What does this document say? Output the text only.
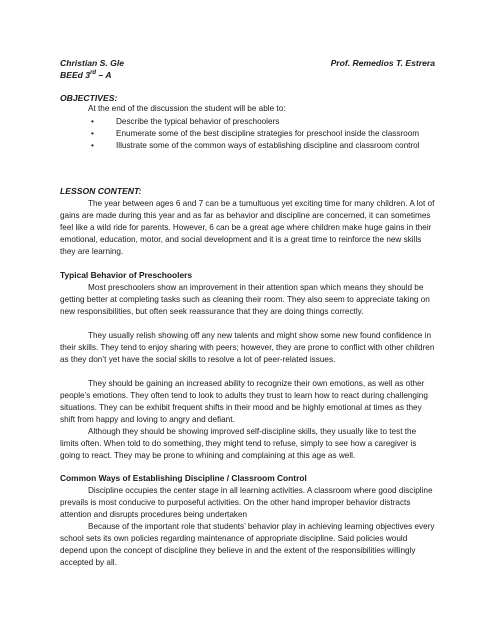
Christian S. Gle	Prof. Remedios T. Estrera
BEEd 3rd – A
OBJECTIVES:
At the end of the discussion the student will be able to:
•	Describe the typical behavior of preschoolers
•	Enumerate some of the best discipline strategies for preschool inside the classroom
•	Illustrate some of the common ways of establishing discipline and classroom control
LESSON CONTENT:

The year between ages 6 and 7 can be a tumultuous yet exciting time for many children. A lot of gains are made during this year and as far as behavior and discipline are concerned, it can sometimes feel like a wild ride for parents. However, 6 can be a great age where children make huge gains in their emotional, education, motor, and social development and it is a great time to reinforce the new skills they are learning.

Typical Behavior of Preschoolers

Most preschoolers show an improvement in their attention span which means they should be getting better at completing tasks such as cleaning their room. They also seem to appreciate taking on new responsibilities, but often seek reassurance that they are doing things correctly.

They usually relish showing off any new talents and might show some new found confidence in their skills. They tend to enjoy sharing with peers; however, they are prone to conflict with other children as they don’t yet have the social skills to resolve a lot of peer-related issues.

They should be gaining an increased ability to recognize their own emotions, as well as other people’s emotions. They often tend to look to adults they trust to learn how to react during challenging situations. They can be exhibit frequent shifts in their mood and be highly emotional at times as they shift from happy and loving to angry and defiant.

Although they should be showing improved self-discipline skills, they usually like to test the limits often. When told to do something, they might tend to refuse, simply to see how a caregiver is going to react. They may be prone to whining and complaining at this age as well.

Common Ways of Establishing Discipline / Classroom Control

Discipline occupies the center stage in all learning activities. A classroom where good discipline prevails is most conducive to purposeful activities. On the other hand improper behavior distracts attention and disrupts procedures being undertaken

Because of the important role that students’ behavior play in achieving learning objectives every school sets its own policies regarding maintenance of appropriate discipline. Said policies would depend upon the concept of discipline they believe in and the extent of the responsibilities willingly accepted by all.
